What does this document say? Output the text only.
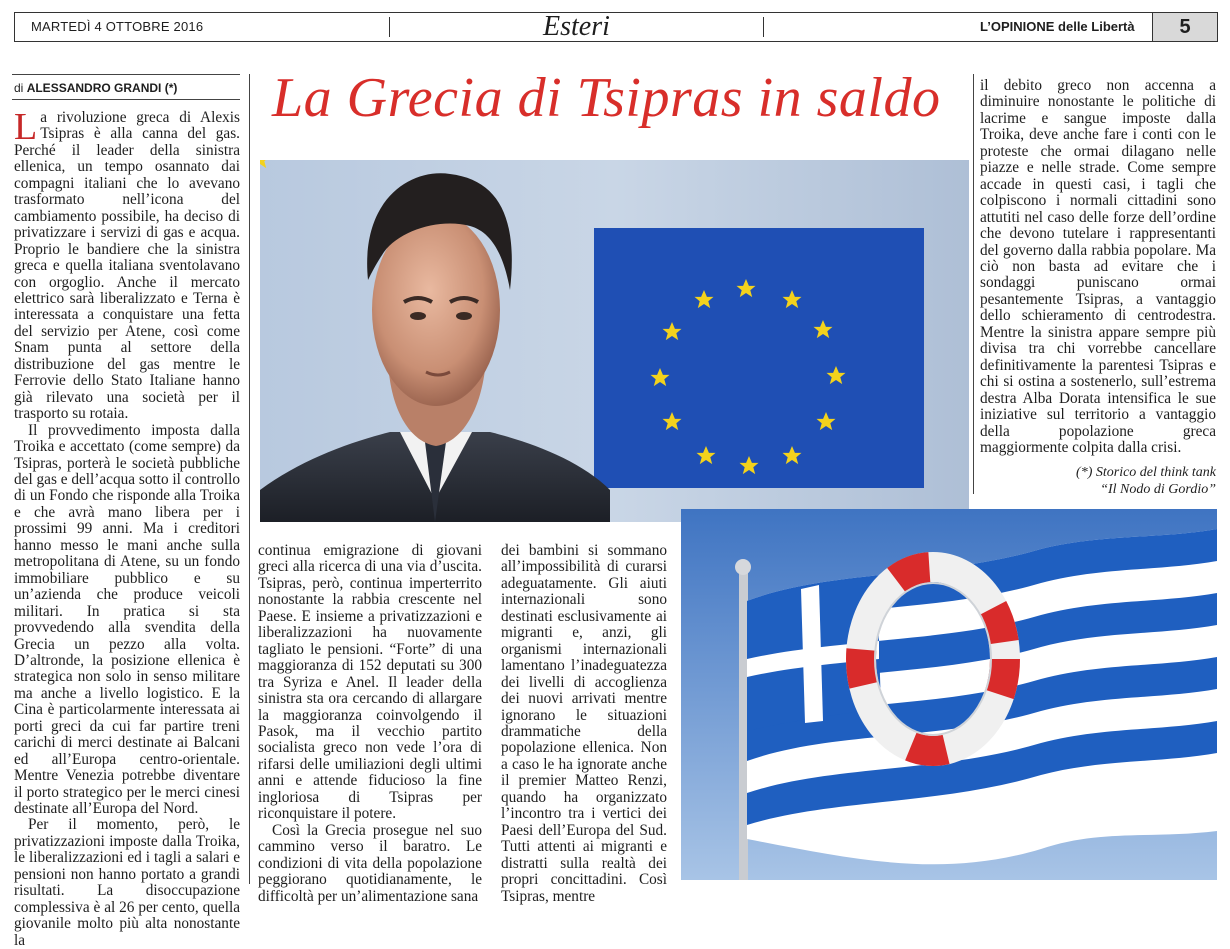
MARTEDÌ 4 OTTOBRE 2016	Esteri	L’OPINIONE delle Libertà	5
di ALESSANDRO GRANDI (*)	La Grecia di Tsipras in saldo

La rivoluzione greca di Alexis Tsipras è alla canna del gas. Perché il leader della sinistra ellenica, un tempo osannato dai compagni italiani che lo avevano trasformato nell’icona del cambiamento possibile, ha deciso di privatizzare i servizi di gas e acqua. Proprio le bandiere che la sinistra greca e quella italiana sventolavano con orgoglio. Anche il mercato elettrico sarà liberalizzato e Terna è interessata a conquistare una fetta del servizio per Atene, così come Snam punta al settore della distribuzione del gas mentre le Ferrovie dello Stato Italiane hanno già rilevato una società per il trasporto su rotaia.

Il provvedimento imposta dalla Troika e accettato (come sempre) da Tsipras, porterà le società pubbliche del gas e dell’acqua sotto il controllo di un Fondo che risponde alla Troika e che avrà mano libera per i prossimi 99 anni. Ma i creditori hanno messo le mani anche sulla metropolitana di Atene, su un fondo immobiliare pubblico e su un’azienda che produce veicoli militari. In pratica si sta provvedendo alla svendita della Grecia un pezzo alla volta. D’altronde, la posizione ellenica è strategica non solo in senso militare ma anche a livello logistico. E la Cina è particolarmente interessata ai porti greci da cui far partire treni carichi di merci destinate ai Balcani ed all’Europa centro-orientale. Mentre Venezia potrebbe diventare il porto strategico per le merci cinesi destinate all’Europa del Nord.

Per il momento, però, le privatizzazioni imposte dalla Troika, le liberalizzazioni ed i tagli a salari e pensioni non hanno portato a grandi risultati. La disoccupazione complessiva è al 26 per cento, quella giovanile molto più alta nonostante la

continua emigrazione di giovani greci alla ricerca di una via d’uscita. Tsipras, però, continua imperterrito nonostante la rabbia crescente nel Paese. E insieme a privatizzazioni e liberalizzazioni ha nuovamente tagliato le pensioni. “Forte” di una maggioranza di 152 deputati su 300 tra Syriza e Anel. Il leader della sinistra sta ora cercando di allargare la maggioranza coinvolgendo il Pasok, ma il vecchio partito socialista greco non vede l’ora di rifarsi delle umiliazioni degli ultimi anni e attende fiducioso la fine ingloriosa di Tsipras per riconquistare il potere.

Così la Grecia prosegue nel suo cammino verso il baratro. Le condizioni di vita della popolazione peggiorano quotidianamente, le difficoltà per un’alimentazione sana

dei bambini si sommano all’impossibilità di curarsi adeguatamente. Gli aiuti internazionali sono destinati esclusivamente ai migranti e, anzi, gli organismi internazionali lamentano l’inadeguatezza dei livelli di accoglienza dei nuovi arrivati mentre ignorano le situazioni drammatiche della popolazione ellenica. Non a caso le ha ignorate anche il premier Matteo Renzi, quando ha organizzato l’incontro tra i vertici dei Paesi dell’Europa del Sud. Tutti attenti ai migranti e distratti sulla realtà dei propri concittadini. Così Tsipras, mentre

il debito greco non accenna a diminuire nonostante le politiche di lacrime e sangue imposte dalla Troika, deve anche fare i conti con le proteste che ormai dilagano nelle piazze e nelle strade. Come sempre accade in questi casi, i tagli che colpiscono i normali cittadini sono attutiti nel caso delle forze dell’ordine che devono tutelare i rappresentanti del governo dalla rabbia popolare. Ma ciò non basta ad evitare che i sondaggi puniscano ormai pesantemente Tsipras, a vantaggio dello schieramento di centrodestra. Mentre la sinistra appare sempre più divisa tra chi vorrebbe cancellare definitivamente la parentesi Tsipras e chi si ostina a sostenerlo, sull’estrema destra Alba Dorata intensifica le sue iniziative sul territorio a vantaggio della popolazione greca maggiormente colpita dalla crisi.

(*) Storico del think tank
“Il Nodo di Gordio”
